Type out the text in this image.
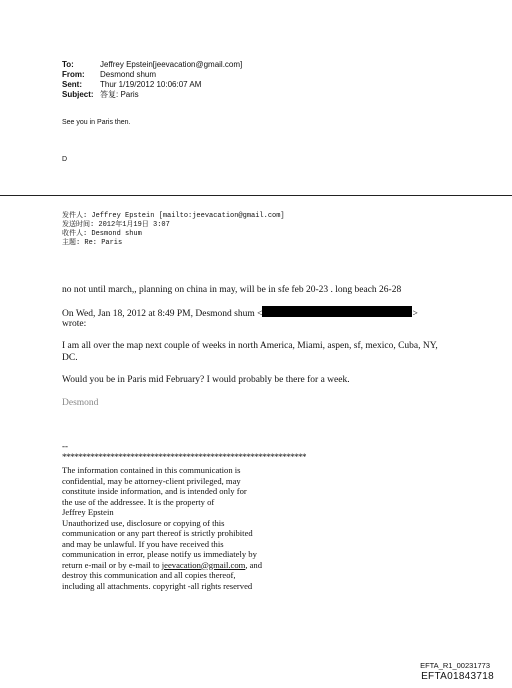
To:	Jeffrey Epstein[jeevacation@gmail.com]
From:	Desmond shum
Sent:	Thur 1/19/2012 10:06:07 AM
Subject: 答复: Paris
See you in Paris then.
D
发件人: Jeffrey Epstein [mailto:jeevacation@gmail.com]
发送时间: 2012年1月19日 3:07
收件人: Desmond shum
主题: Re: Paris
no not until march,, planning on china in may, will be in sfe feb 20-23 . long beach 26-28
On Wed, Jan 18, 2012 at 8:49 PM, Desmond shum <	>
wrote:
I am all over the map next couple of weeks in north America, Miami, aspen, sf, mexico, Cuba, NY, DC.
Would you be in Paris mid February? I would probably be there for a week.
Desmond
--
*************************************************************
The information contained in this communication is
confidential, may be attorney-client privileged, may
constitute inside information, and is intended only for
the use of the addressee. It is the property of
Jeffrey Epstein
Unauthorized use, disclosure or copying of this
communication or any part thereof is strictly prohibited
and may be unlawful. If you have received this
communication in error, please notify us immediately by
return e-mail or by e-mail to jeevacation@gmail.com, and
destroy this communication and all copies thereof,
including all attachments. copyright -all rights reserved
EFTA_R1_00231773
EFTA01843718
